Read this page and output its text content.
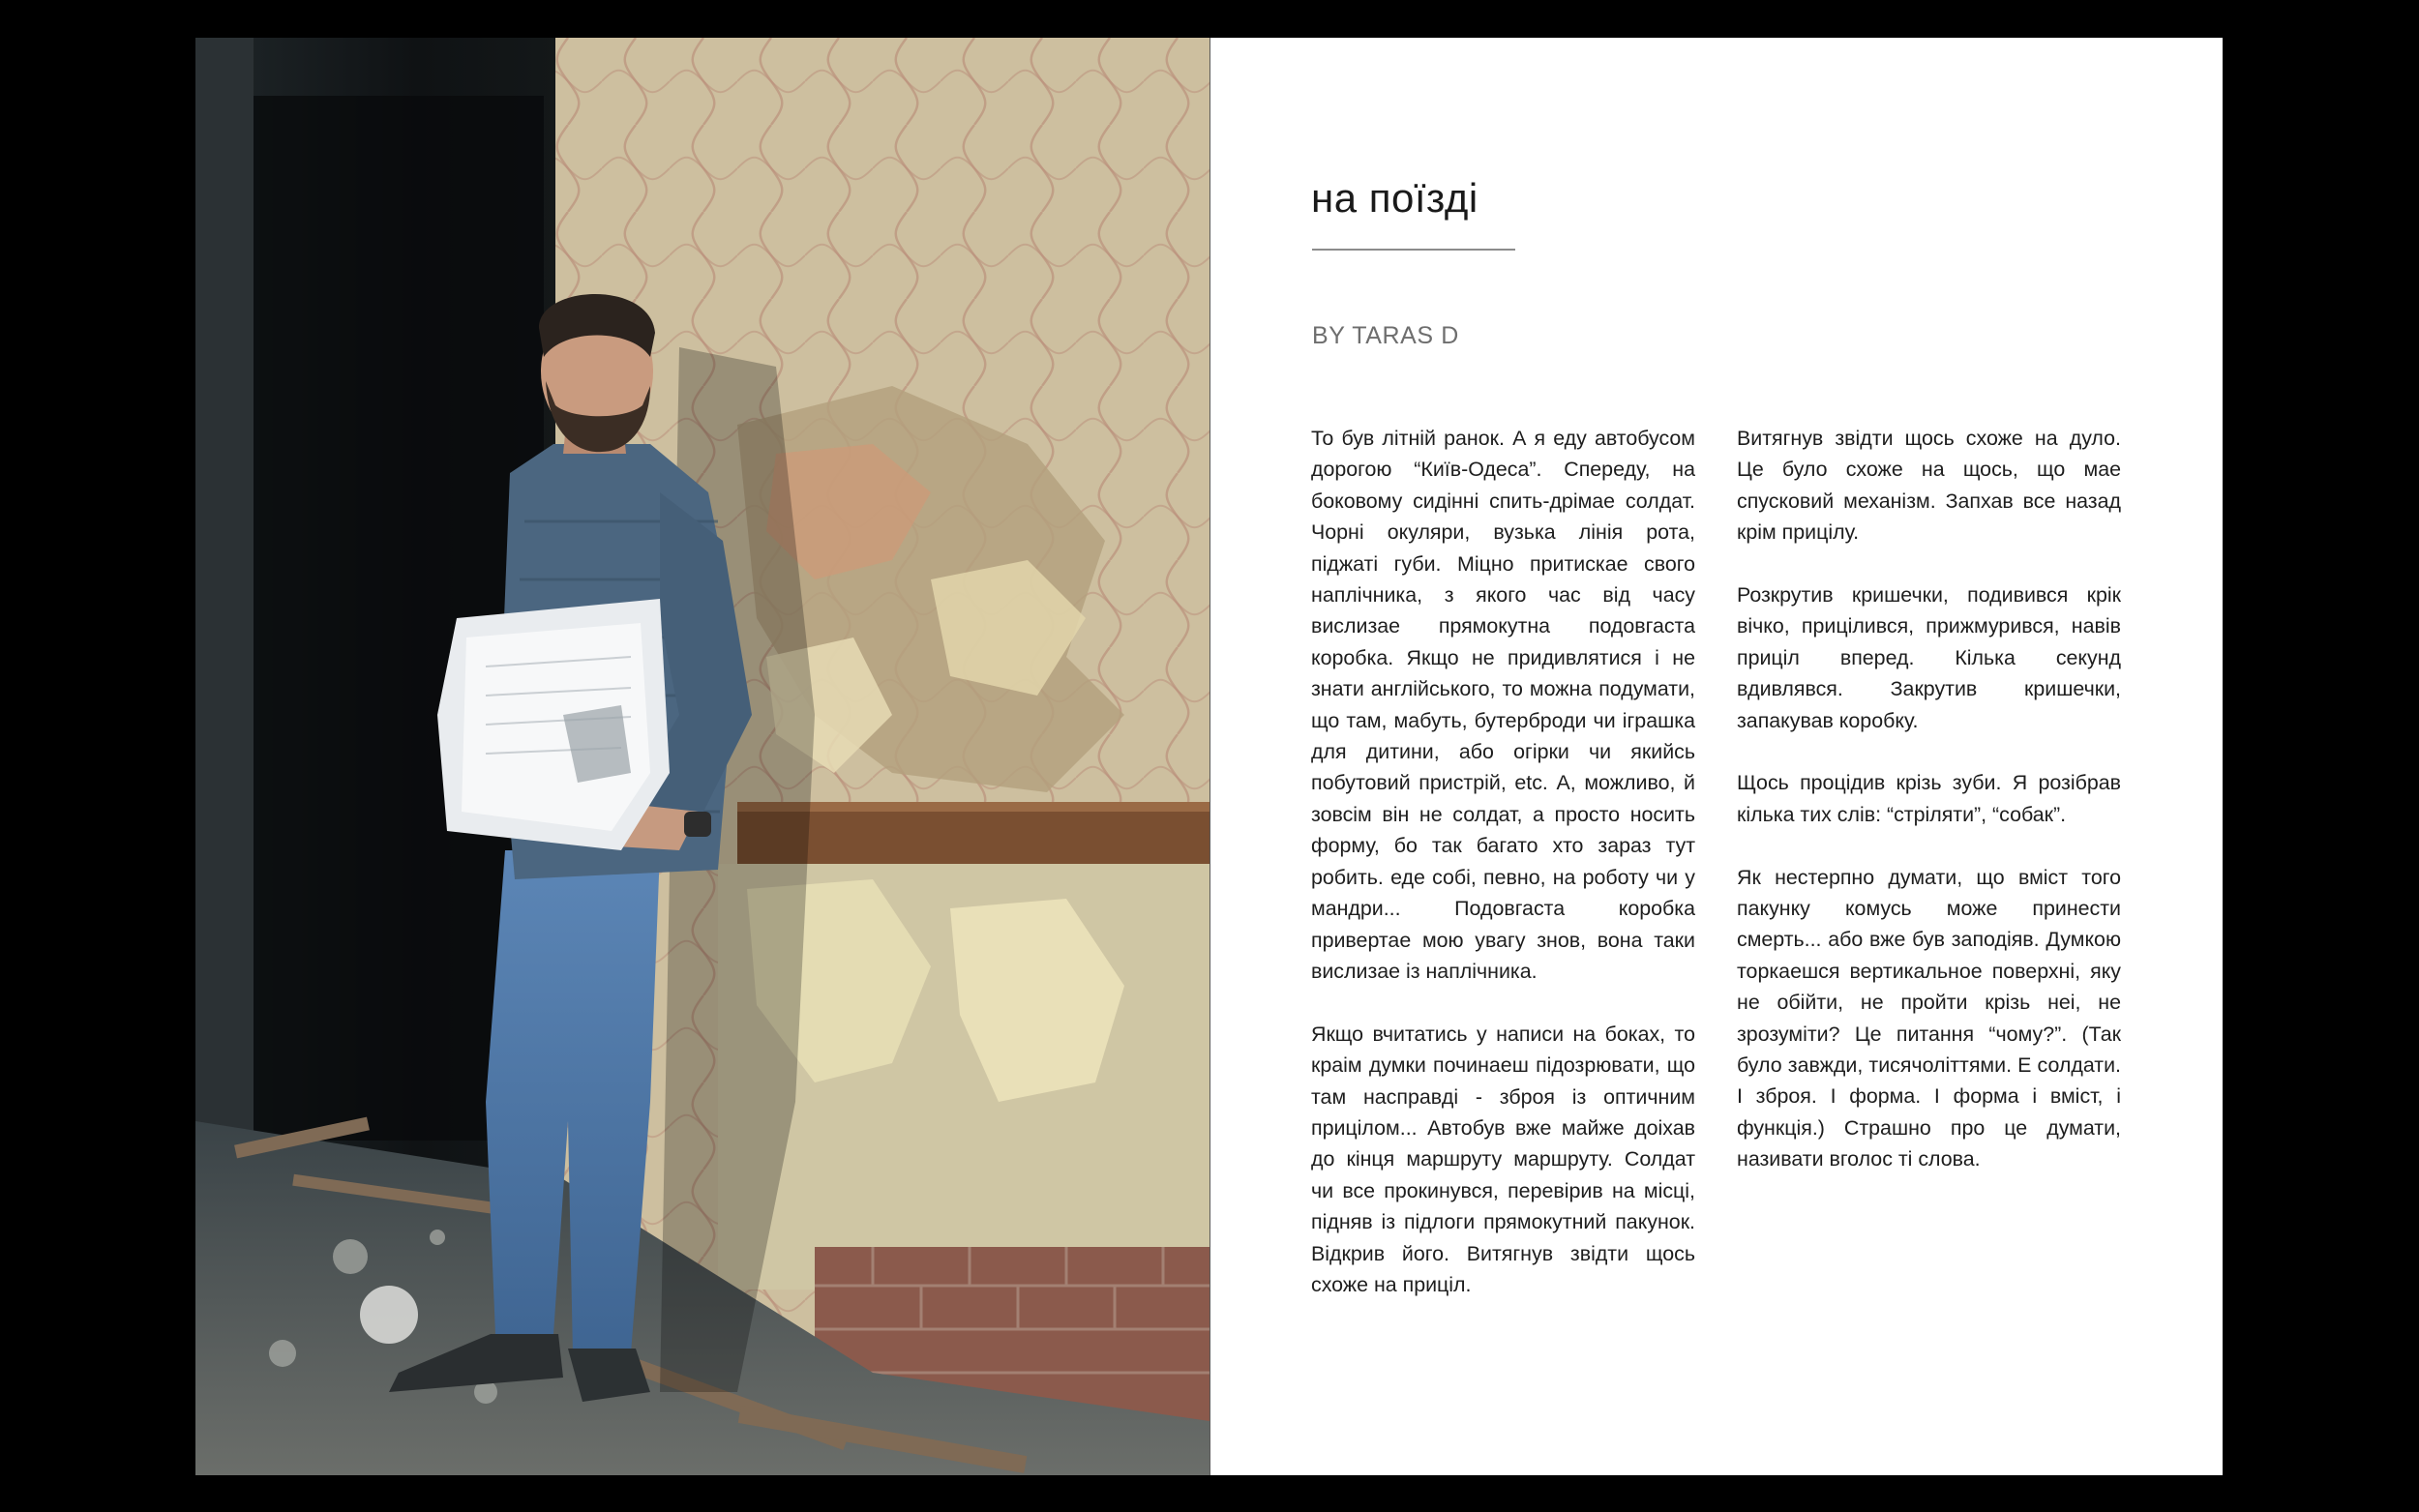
на поїзді
BY TARAS D

То був літній ранок. А я еду автобусом дорогою “Київ-Одеса”. Спереду, на боковому сидінні спить-дрімае солдат. Чорні окуляри, вузька лінія рота, піджаті губи. Міцно притискае свого наплічника, з якого час від часу вислизае прямокутна подовгаста коробка. Якщо не придивлятися і не знати англійського, то можна подумати, що там, мабуть, бутерброди чи іграшка для дитини, або огірки чи якийсь побутовий пристрій, etc. А, можливо, й зовсім він не солдат, а просто носить форму, бо так багато хто зараз тут робить. еде собі, певно, на роботу чи у мандри... Подовгаста коробка привертае мою увагу знов, вона таки вислизае із наплічника.

Якщо вчитатись у написи на боках, то краім думки починаеш підозрювати, що там насправді - зброя із оптичним прицілом... Автобув вже майже доіхав до кінця маршруту маршруту. Солдат чи все прокинувся, перевірив на місці, підняв із підлоги прямокутний пакунок. Відкрив його. Витягнув звідти щось схоже на приціл.

Витягнув звідти щось схоже на дуло. Це було схоже на щось, що мае спусковий механізм. Запхав все назад крім прицілу.

Розкрутив кришечки, подивився крік вічко, прицілився, прижмурився, навів приціл вперед. Кілька секунд вдивлявся. Закрутив кришечки, запакував коробку.

Щось процідив крізь зуби. Я розібрав кілька тих слів: “стріляти”, “собак”.

Як нестерпно думати, що вміст того пакунку комусь може принести смерть... або вже був заподіяв. Думкою торкаешся вертикальное поверхні, яку не обійти, не пройти крізь неі, не зрозуміти? Це питання “чому?”. (Так було завжди, тисячоліттями. Е солдати. І зброя. І форма. І форма і вміст, і функція.) Страшно про це думати, називати вголос ті слова.
